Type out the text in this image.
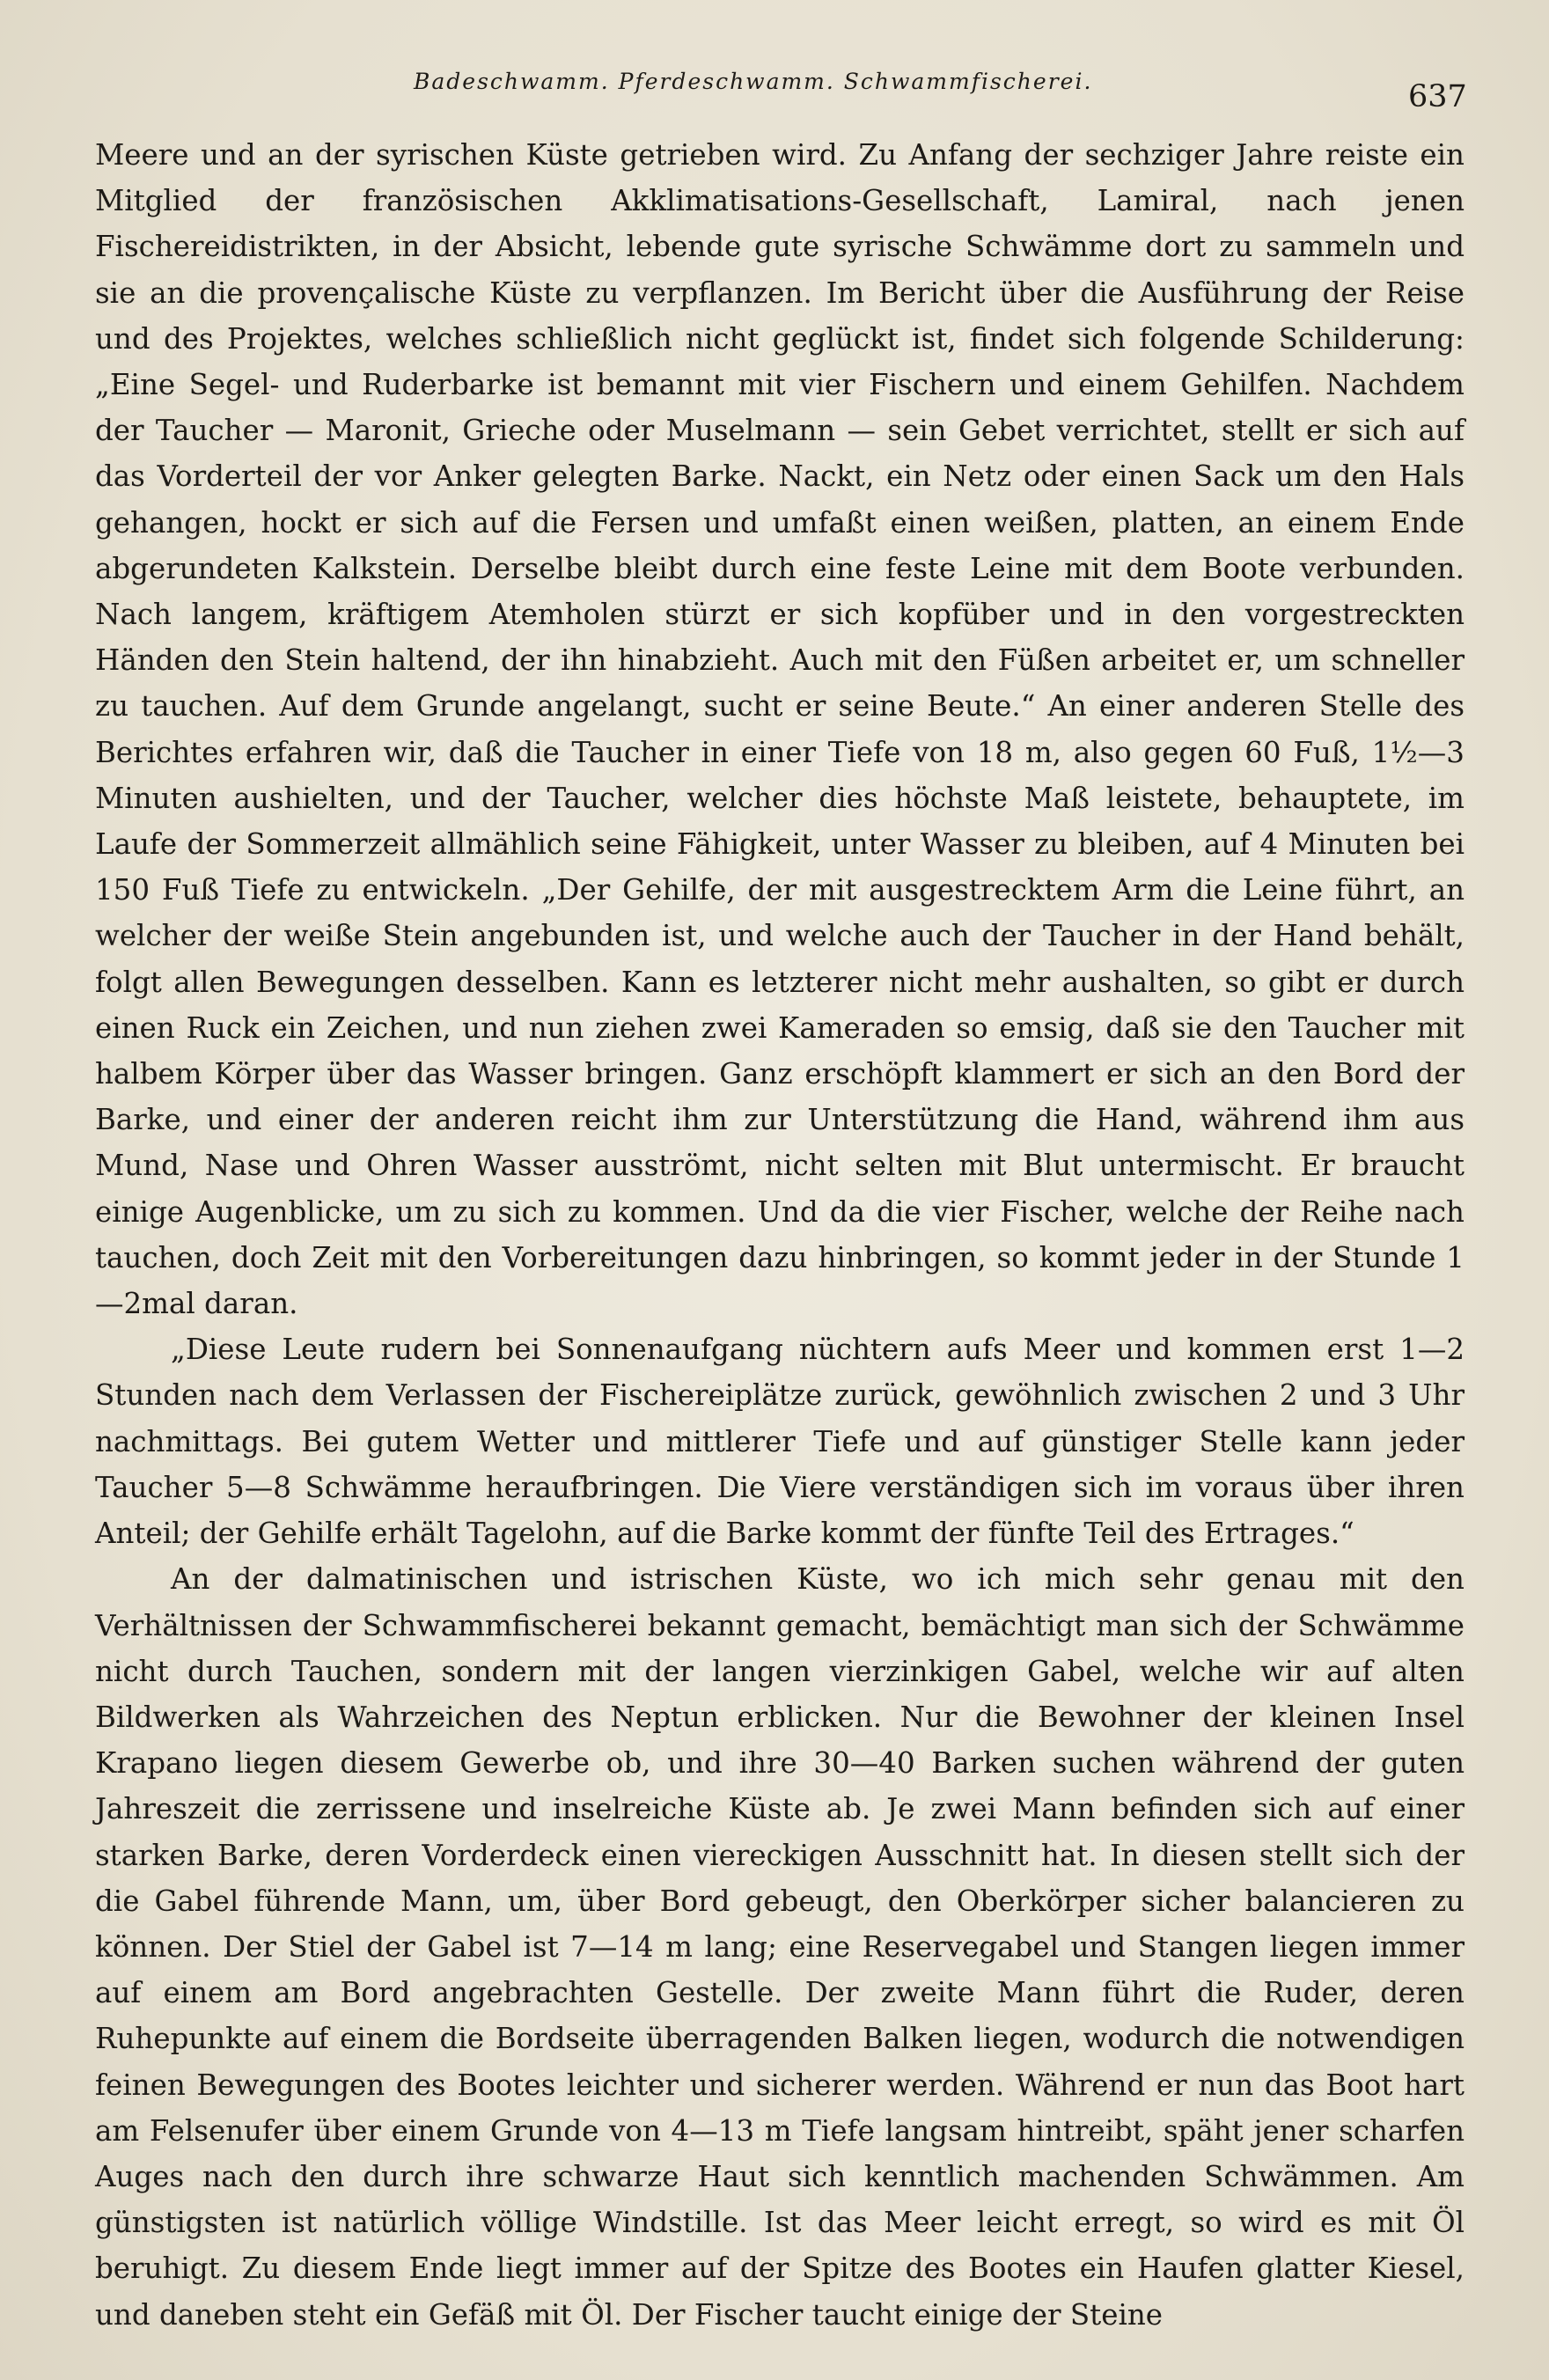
Badeschwamm. Pferdeschwamm. Schwammfischerei.	637

Meere und an der syrischen Küste getrieben wird. Zu Anfang der sechziger Jahre reiste ein Mitglied der französischen Akklimatisations-Gesellschaft, Lamiral, nach jenen Fischereidistrikten, in der Absicht, lebende gute syrische Schwämme dort zu sammeln und sie an die provençalische Küste zu verpflanzen. Im Bericht über die Ausführung der Reise und des Projektes, welches schließlich nicht geglückt ist, findet sich folgende Schilderung: „Eine Segel- und Ruderbarke ist bemannt mit vier Fischern und einem Gehilfen. Nachdem der Taucher — Maronit, Grieche oder Muselmann — sein Gebet verrichtet, stellt er sich auf das Vorderteil der vor Anker gelegten Barke. Nackt, ein Netz oder einen Sack um den Hals gehangen, hockt er sich auf die Fersen und umfaßt einen weißen, platten, an einem Ende abgerundeten Kalkstein. Derselbe bleibt durch eine feste Leine mit dem Boote verbunden. Nach langem, kräftigem Atemholen stürzt er sich kopfüber und in den vorgestreckten Händen den Stein haltend, der ihn hinabzieht. Auch mit den Füßen arbeitet er, um schneller zu tauchen. Auf dem Grunde angelangt, sucht er seine Beute.“ An einer anderen Stelle des Berichtes erfahren wir, daß die Taucher in einer Tiefe von 18 m, also gegen 60 Fuß, 1½—3 Minuten aushielten, und der Taucher, welcher dies höchste Maß leistete, behauptete, im Laufe der Sommerzeit allmählich seine Fähigkeit, unter Wasser zu bleiben, auf 4 Minuten bei 150 Fuß Tiefe zu entwickeln. „Der Gehilfe, der mit ausgestrecktem Arm die Leine führt, an welcher der weiße Stein angebunden ist, und welche auch der Taucher in der Hand behält, folgt allen Bewegungen desselben. Kann es letzterer nicht mehr aushalten, so gibt er durch einen Ruck ein Zeichen, und nun ziehen zwei Kameraden so emsig, daß sie den Taucher mit halbem Körper über das Wasser bringen. Ganz erschöpft klammert er sich an den Bord der Barke, und einer der anderen reicht ihm zur Unterstützung die Hand, während ihm aus Mund, Nase und Ohren Wasser ausströmt, nicht selten mit Blut untermischt. Er braucht einige Augenblicke, um zu sich zu kommen. Und da die vier Fischer, welche der Reihe nach tauchen, doch Zeit mit den Vorbereitungen dazu hinbringen, so kommt jeder in der Stunde 1—2mal daran.

„Diese Leute rudern bei Sonnenaufgang nüchtern aufs Meer und kommen erst 1—2 Stunden nach dem Verlassen der Fischereiplätze zurück, gewöhnlich zwischen 2 und 3 Uhr nachmittags. Bei gutem Wetter und mittlerer Tiefe und auf günstiger Stelle kann jeder Taucher 5—8 Schwämme heraufbringen. Die Viere verständigen sich im voraus über ihren Anteil; der Gehilfe erhält Tagelohn, auf die Barke kommt der fünfte Teil des Ertrages.“

An der dalmatinischen und istrischen Küste, wo ich mich sehr genau mit den Verhältnissen der Schwammfischerei bekannt gemacht, bemächtigt man sich der Schwämme nicht durch Tauchen, sondern mit der langen vierzinkigen Gabel, welche wir auf alten Bildwerken als Wahrzeichen des Neptun erblicken. Nur die Bewohner der kleinen Insel Krapano liegen diesem Gewerbe ob, und ihre 30—40 Barken suchen während der guten Jahreszeit die zerrissene und inselreiche Küste ab. Je zwei Mann befinden sich auf einer starken Barke, deren Vorderdeck einen viereckigen Ausschnitt hat. In diesen stellt sich der die Gabel führende Mann, um, über Bord gebeugt, den Oberkörper sicher balancieren zu können. Der Stiel der Gabel ist 7—14 m lang; eine Reservegabel und Stangen liegen immer auf einem am Bord angebrachten Gestelle. Der zweite Mann führt die Ruder, deren Ruhepunkte auf einem die Bordseite überragenden Balken liegen, wodurch die notwendigen feinen Bewegungen des Bootes leichter und sicherer werden. Während er nun das Boot hart am Felsenufer über einem Grunde von 4—13 m Tiefe langsam hintreibt, späht jener scharfen Auges nach den durch ihre schwarze Haut sich kenntlich machenden Schwämmen. Am günstigsten ist natürlich völlige Windstille. Ist das Meer leicht erregt, so wird es mit Öl beruhigt. Zu diesem Ende liegt immer auf der Spitze des Bootes ein Haufen glatter Kiesel, und daneben steht ein Gefäß mit Öl. Der Fischer taucht einige der Steine
